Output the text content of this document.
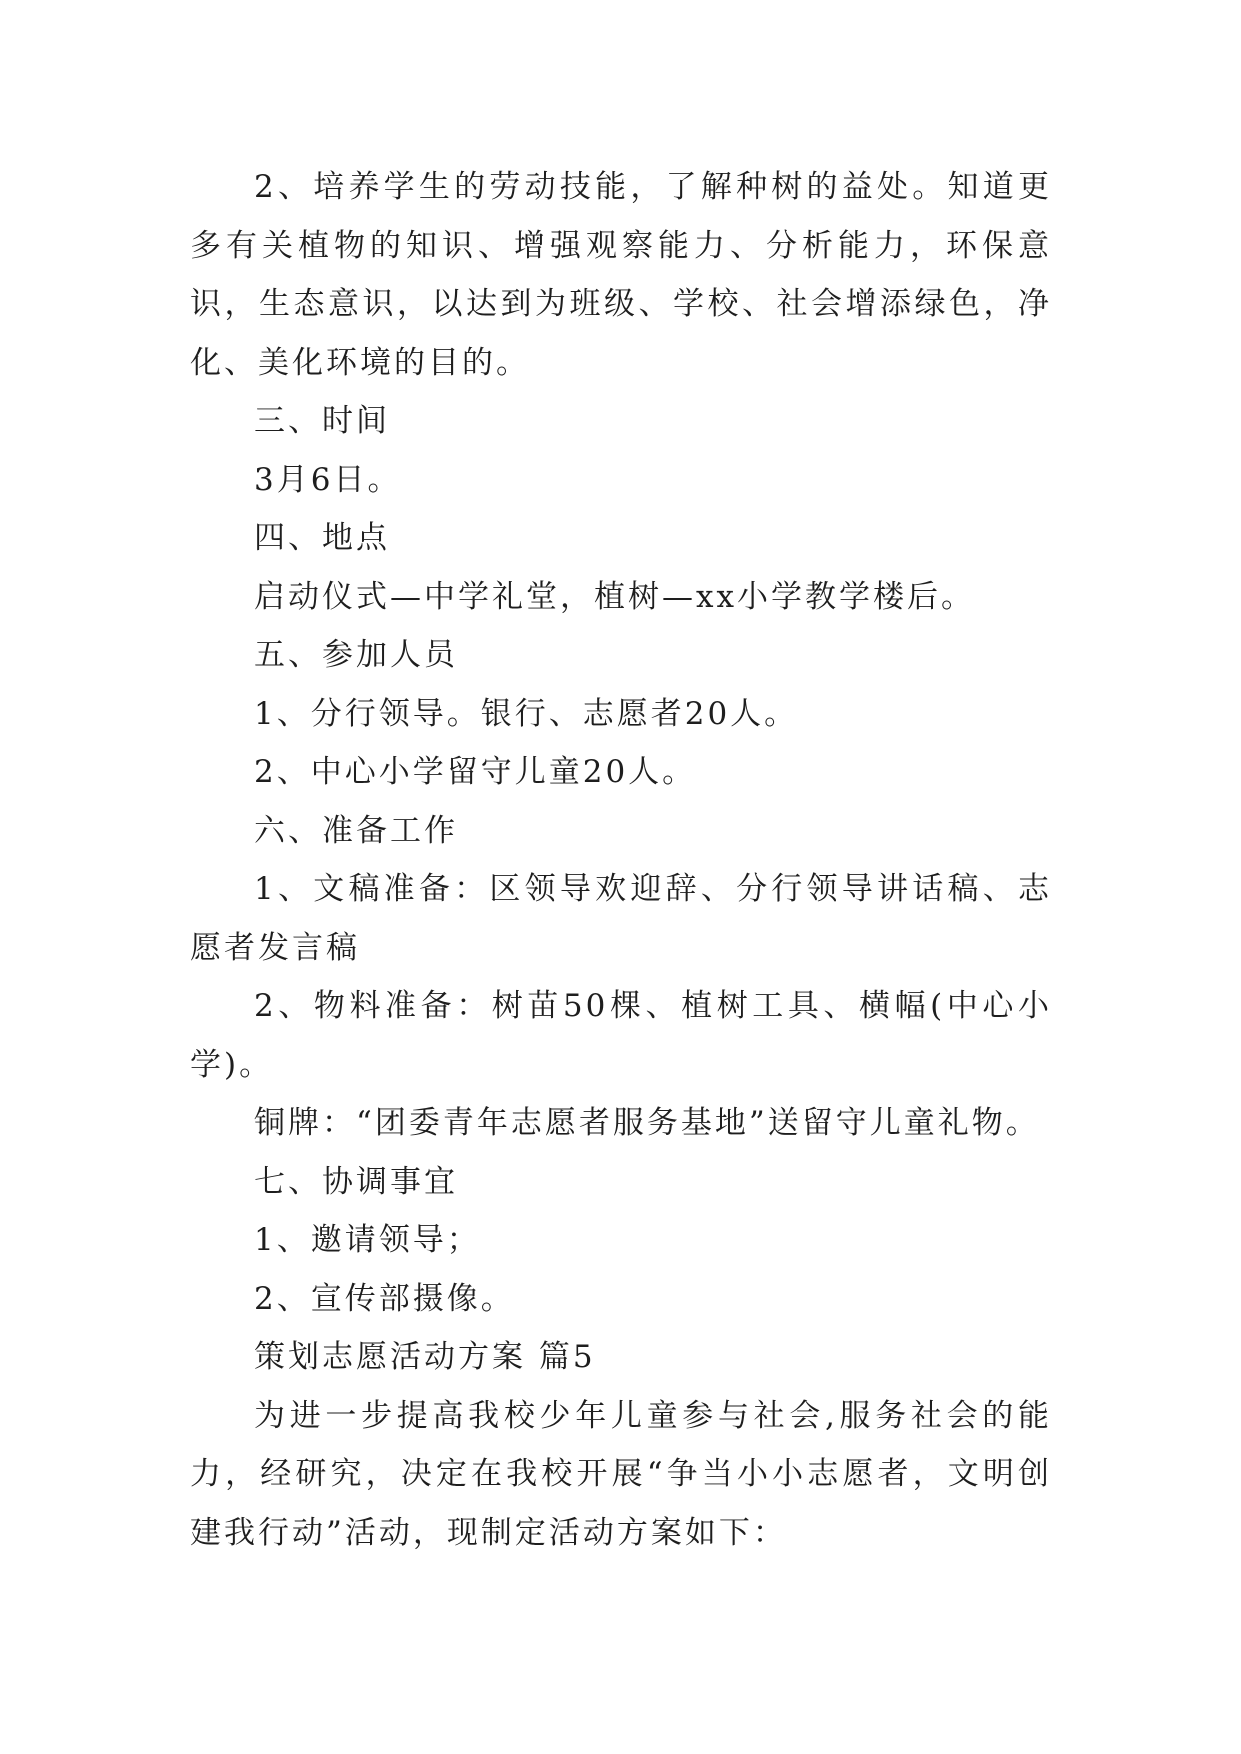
2、培养学生的劳动技能，了解种树的益处。知道更多有关植物的知识、增强观察能力、分析能力，环保意识，生态意识，以达到为班级、学校、社会增添绿色，净化、美化环境的目的。

三、时间

3月6日。

四、地点

启动仪式—中学礼堂，植树—xx小学教学楼后。

五、参加人员

1、分行领导。银行、志愿者20人。

2、中心小学留守儿童20人。

六、准备工作

1、文稿准备：区领导欢迎辞、分行领导讲话稿、志愿者发言稿

2、物料准备：树苗50棵、植树工具、横幅(中心小学)。

铜牌：“团委青年志愿者服务基地”送留守儿童礼物。

七、协调事宜

1、邀请领导；

2、宣传部摄像。

策划志愿活动方案 篇5

为进一步提高我校少年儿童参与社会,服务社会的能力，经研究，决定在我校开展“争当小小志愿者，文明创建我行动”活动，现制定活动方案如下：
